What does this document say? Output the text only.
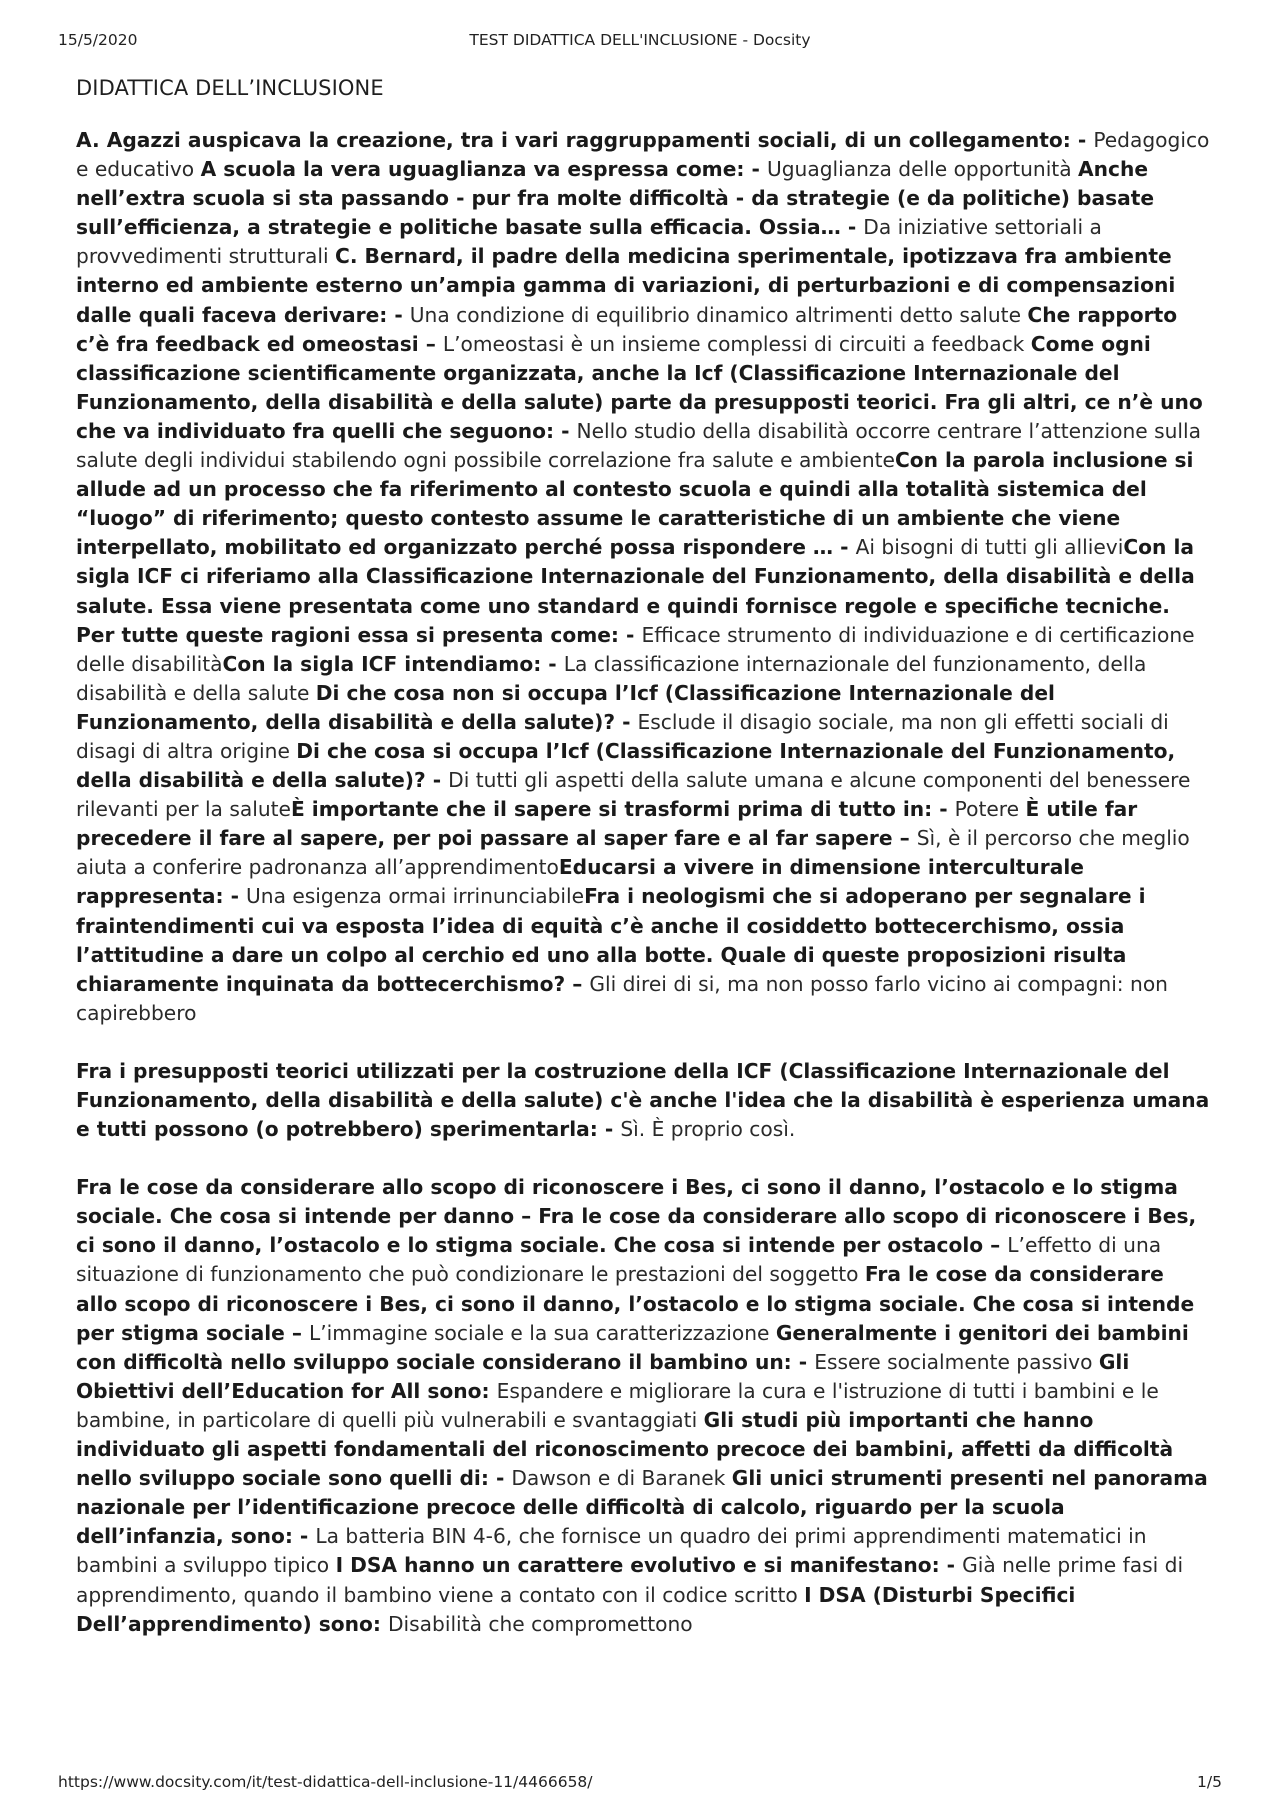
15/5/2020	TEST DIDATTICA DELL'INCLUSIONE - Docsity
DIDATTICA DELL’INCLUSIONE

A. Agazzi auspicava la creazione, tra i vari raggruppamenti sociali, di un collegamento: - Pedagogico e educativo A scuola la vera uguaglianza va espressa come: - Uguaglianza delle opportunità Anche nell’extra scuola si sta passando - pur fra molte difficoltà - da strategie (e da politiche) basate sull’efficienza, a strategie e politiche basate sulla efficacia. Ossia… - Da iniziative settoriali a provvedimenti strutturali C. Bernard, il padre della medicina sperimentale, ipotizzava fra ambiente interno ed ambiente esterno un’ampia gamma di variazioni, di perturbazioni e di compensazioni dalle quali faceva derivare: - Una condizione di equilibrio dinamico altrimenti detto salute Che rapporto c’è fra feedback ed omeostasi – L’omeostasi è un insieme complessi di circuiti a feedback Come ogni classificazione scientificamente organizzata, anche la Icf (Classificazione Internazionale del Funzionamento, della disabilità e della salute) parte da presupposti teorici. Fra gli altri, ce n’è uno che va individuato fra quelli che seguono: - Nello studio della disabilità occorre centrare l’attenzione sulla salute degli individui stabilendo ogni possibile correlazione fra salute e ambienteCon la parola inclusione si allude ad un processo che fa riferimento al contesto scuola e quindi alla totalità sistemica del “luogo” di riferimento; questo contesto assume le caratteristiche di un ambiente che viene interpellato, mobilitato ed organizzato perché possa rispondere … - Ai bisogni di tutti gli allieviCon la sigla ICF ci riferiamo alla Classificazione Internazionale del Funzionamento, della disabilità e della salute. Essa viene presentata come uno standard e quindi fornisce regole e specifiche tecniche. Per tutte queste ragioni essa si presenta come: - Efficace strumento di individuazione e di certificazione delle disabilitàCon la sigla ICF intendiamo: - La classificazione internazionale del funzionamento, della disabilità e della salute Di che cosa non si occupa l’Icf (Classificazione Internazionale del Funzionamento, della disabilità e della salute)? - Esclude il disagio sociale, ma non gli effetti sociali di disagi di altra origine Di che cosa si occupa l’Icf (Classificazione Internazionale del Funzionamento, della disabilità e della salute)? - Di tutti gli aspetti della salute umana e alcune componenti del benessere rilevanti per la saluteÈ importante che il sapere si trasformi prima di tutto in: - Potere È utile far precedere il fare al sapere, per poi passare al saper fare e al far sapere – Sì, è il percorso che meglio aiuta a conferire padronanza all’apprendimentoEducarsi a vivere in dimensione interculturale rappresenta: - Una esigenza ormai irrinunciabileFra i neologismi che si adoperano per segnalare i fraintendimenti cui va esposta l’idea di equità c’è anche il cosiddetto bottecerchismo, ossia l’attitudine a dare un colpo al cerchio ed uno alla botte. Quale di queste proposizioni risulta chiaramente inquinata da bottecerchismo? – Gli direi di si, ma non posso farlo vicino ai compagni: non capirebbero

Fra i presupposti teorici utilizzati per la costruzione della ICF (Classificazione Internazionale del Funzionamento, della disabilità e della salute) c'è anche l'idea che la disabilità è esperienza umana e tutti possono (o potrebbero) sperimentarla: - Sì. È proprio così.

Fra le cose da considerare allo scopo di riconoscere i Bes, ci sono il danno, l’ostacolo e lo stigma sociale. Che cosa si intende per danno – Fra le cose da considerare allo scopo di riconoscere i Bes, ci sono il danno, l’ostacolo e lo stigma sociale. Che cosa si intende per ostacolo – L’effetto di una situazione di funzionamento che può condizionare le prestazioni del soggetto Fra le cose da considerare allo scopo di riconoscere i Bes, ci sono il danno, l’ostacolo e lo stigma sociale. Che cosa si intende per stigma sociale – L’immagine sociale e la sua caratterizzazione Generalmente i genitori dei bambini con difficoltà nello sviluppo sociale considerano il bambino un: - Essere socialmente passivo Gli Obiettivi dell’Education for All sono: Espandere e migliorare la cura e l'istruzione di tutti i bambini e le bambine, in particolare di quelli più vulnerabili e svantaggiati Gli studi più importanti che hanno individuato gli aspetti fondamentali del riconoscimento precoce dei bambini, affetti da difficoltà nello sviluppo sociale sono quelli di: - Dawson e di Baranek Gli unici strumenti presenti nel panorama nazionale per l’identificazione precoce delle difficoltà di calcolo, riguardo per la scuola dell’infanzia, sono: - La batteria BIN 4-6, che fornisce un quadro dei primi apprendimenti matematici in bambini a sviluppo tipico I DSA hanno un carattere evolutivo e si manifestano: - Già nelle prime fasi di apprendimento, quando il bambino viene a contato con il codice scritto I DSA (Disturbi Specifici Dell’apprendimento) sono: Disabilità che compromettono

https://www.docsity.com/it/test-didattica-dell-inclusione-11/4466658/	1/5
